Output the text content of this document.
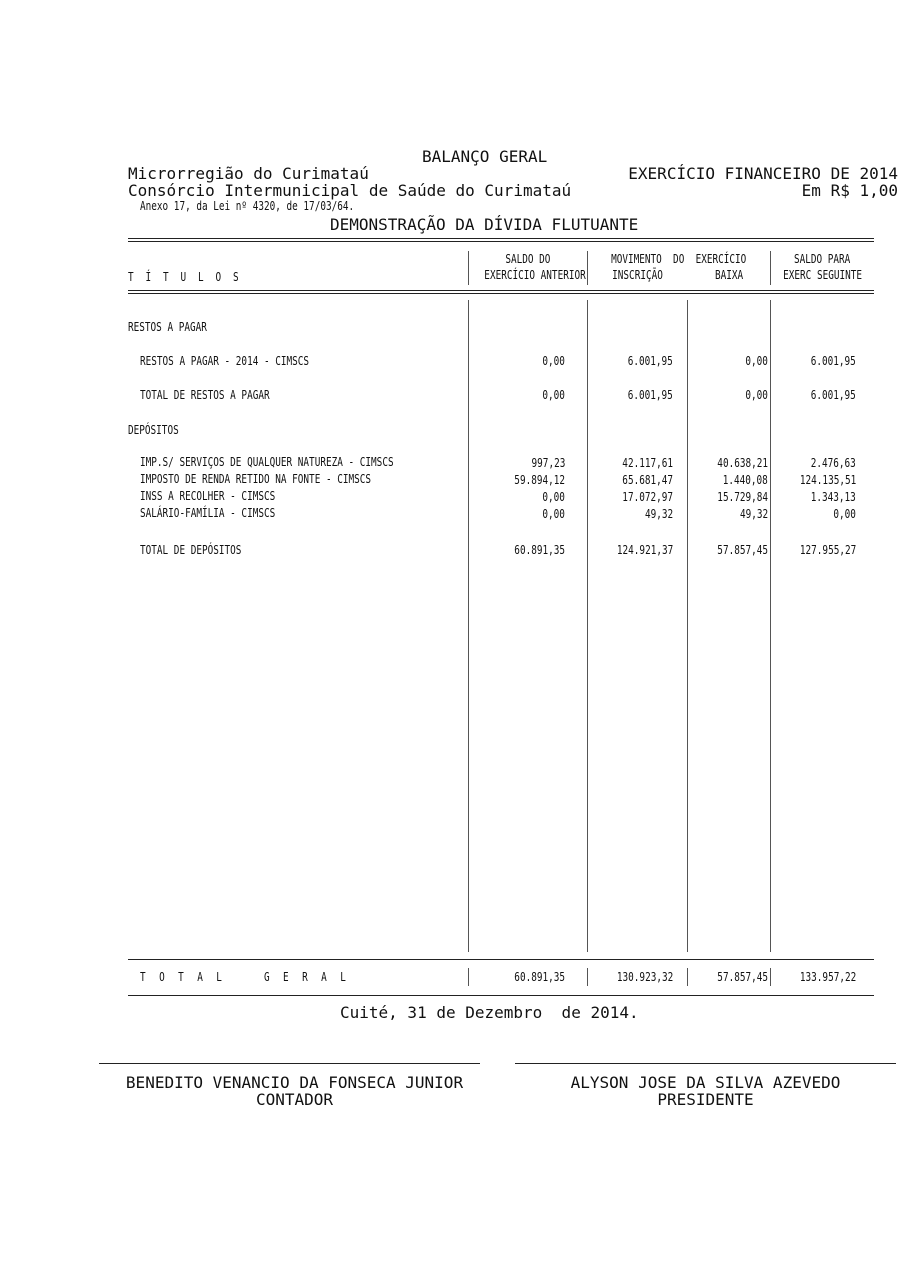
BALANÇO GERAL
Microrregião do Curimataú
Consórcio Intermunicipal de Saúde do Curimataú
Anexo 17, da Lei nº 4320, de 17/03/64.
EXERCÍCIO FINANCEIRO DE 2014
Em R$ 1,00
DEMONSTRAÇÃO DA DÍVIDA FLUTUANTE
T Í T U L O S
SALDO DO
EXERCÍCIO ANTERIOR
MOVIMENTO  DO  EXERCÍCIO
INSCRIÇÃO	BAIXA
SALDO PARA
EXERC SEGUINTE
RESTOS A PAGAR
RESTOS A PAGAR - 2014 - CIMSCS	0,00	6.001,95	0,00	6.001,95
TOTAL DE RESTOS A PAGAR	0,00	6.001,95	0,00	6.001,95
DEPÓSITOS
IMP.S/ SERVIÇOS DE QUALQUER NATUREZA - CIMSCS	997,23	42.117,61	40.638,21	2.476,63
IMPOSTO DE RENDA RETIDO NA FONTE - CIMSCS	59.894,12	65.681,47	1.440,08	124.135,51
INSS A RECOLHER - CIMSCS	0,00	17.072,97	15.729,84	1.343,13
SALÁRIO-FAMÍLIA - CIMSCS	0,00	49,32	49,32	0,00
TOTAL DE DEPÓSITOS	60.891,35	124.921,37	57.857,45	127.955,27
T O T A L    G E R A L	60.891,35	130.923,32	57.857,45	133.957,22
Cuité, 31 de Dezembro  de 2014.
BENEDITO VENANCIO DA FONSECA JUNIOR
CONTADOR
ALYSON JOSE DA SILVA AZEVEDO
PRESIDENTE
